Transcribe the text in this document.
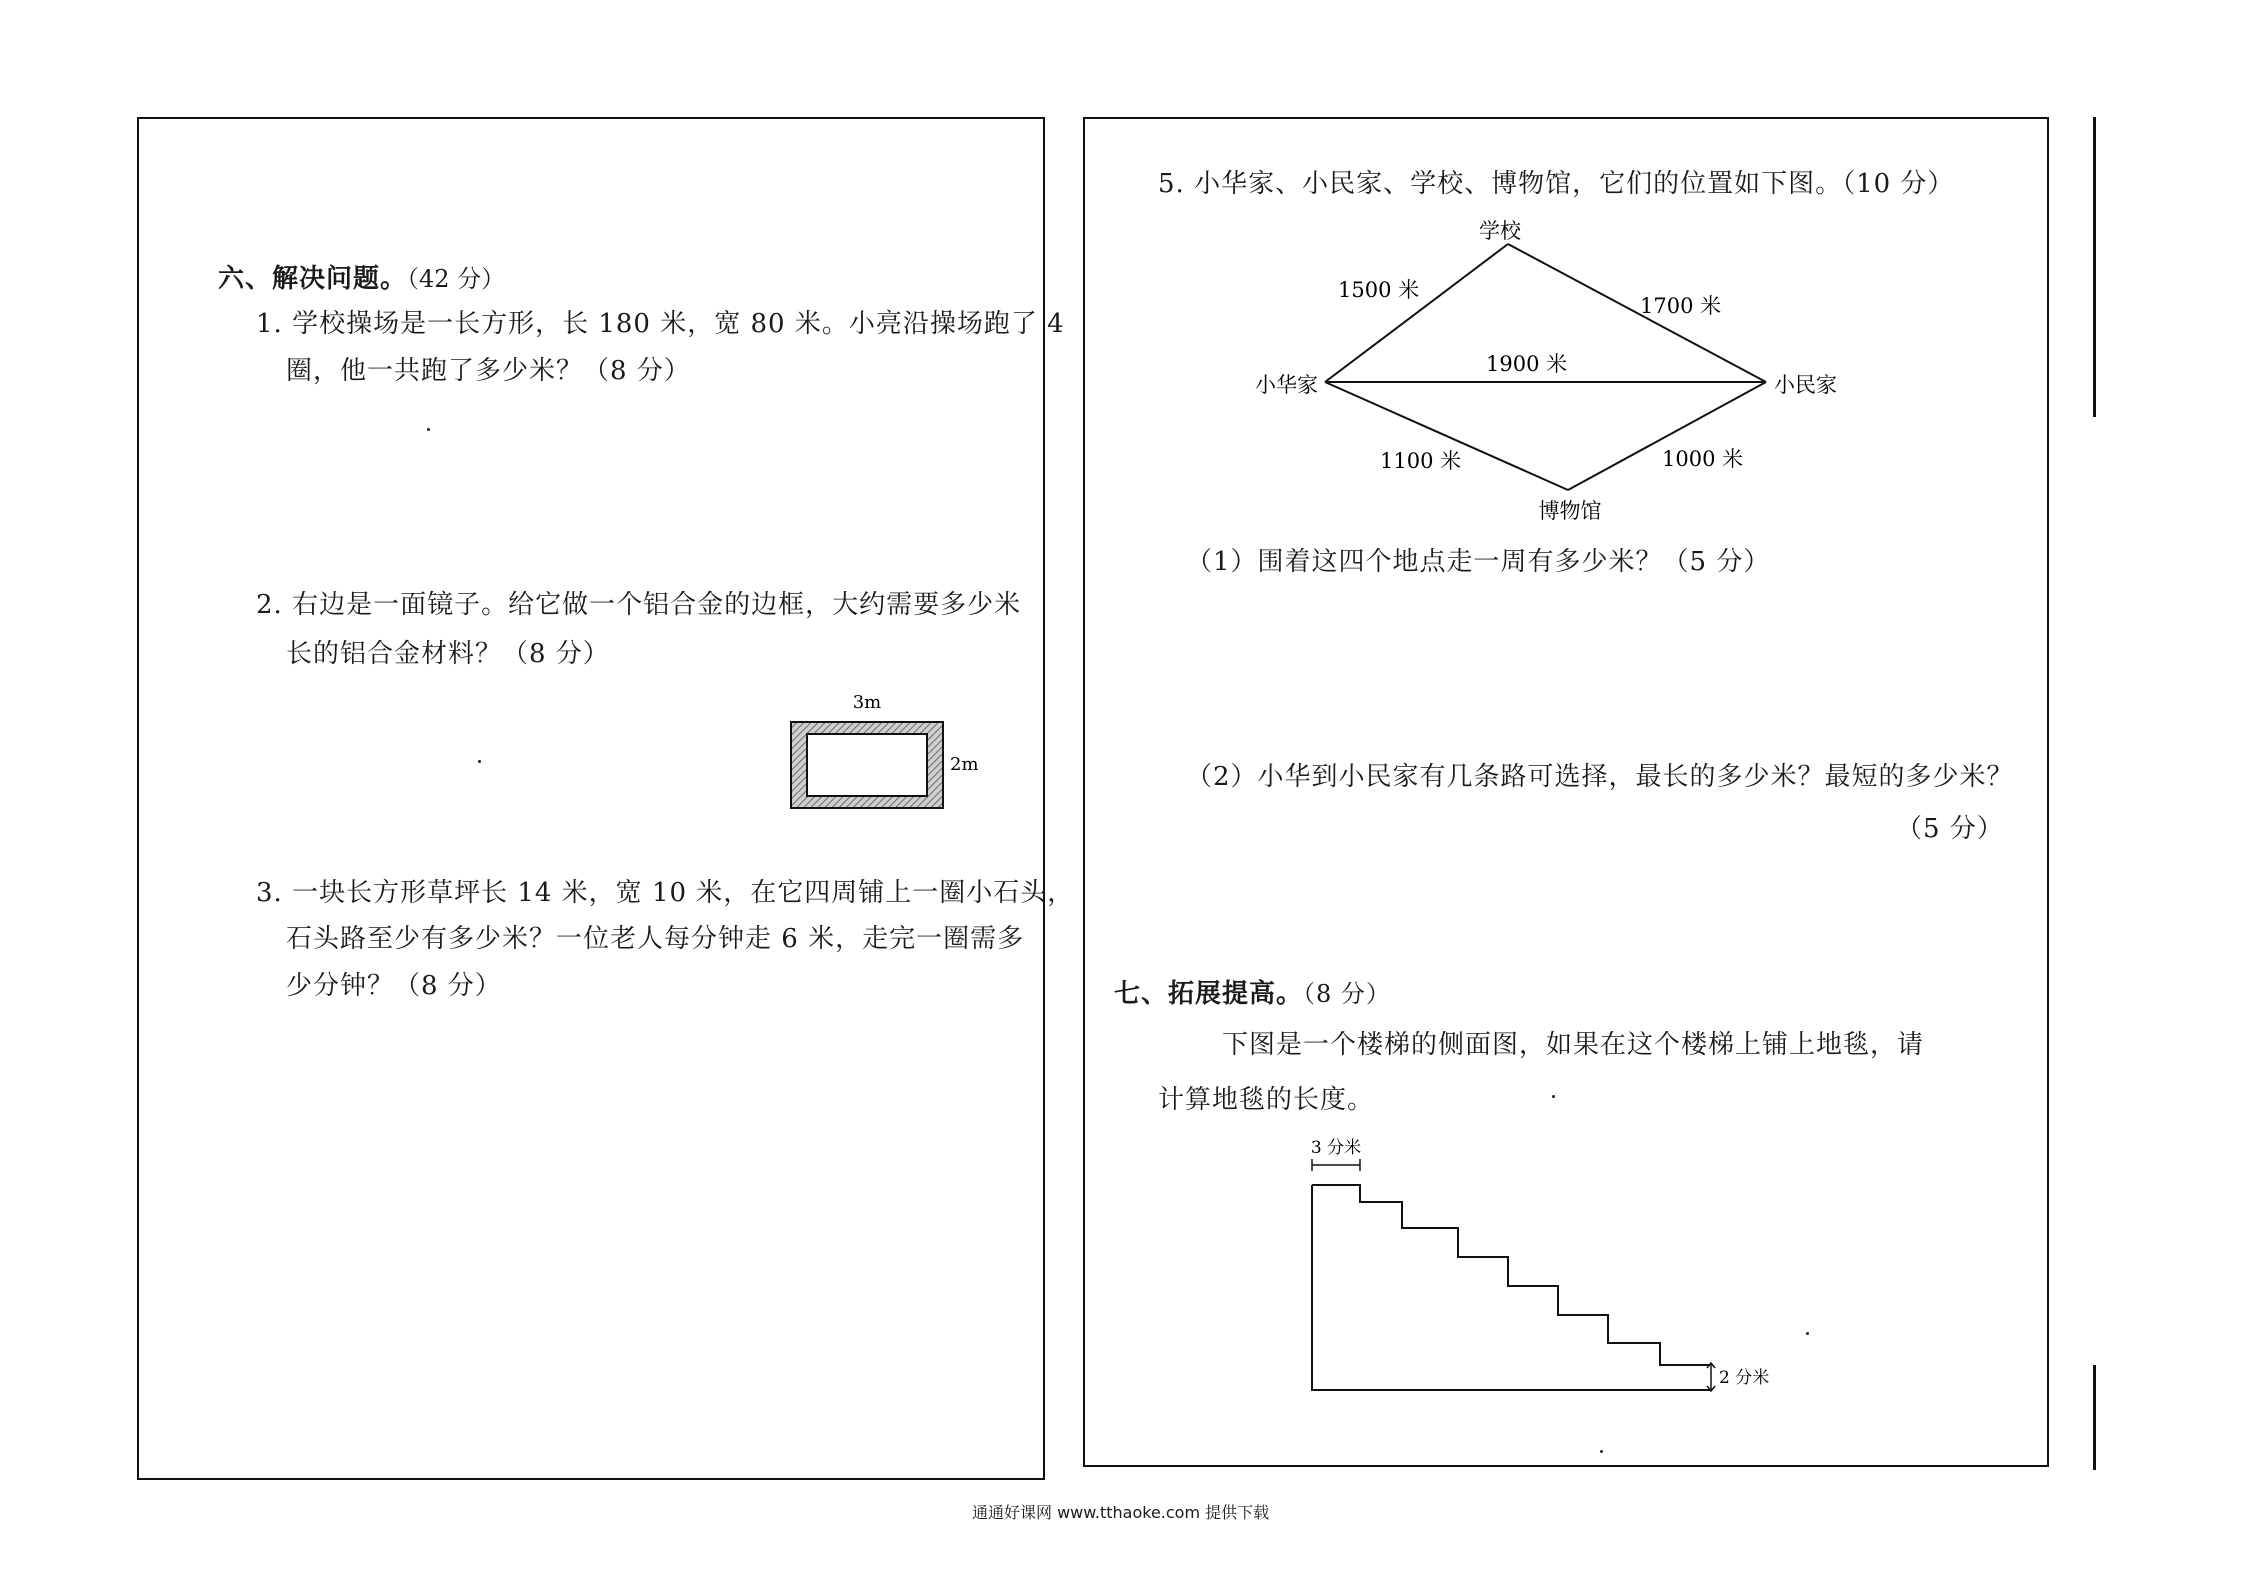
六、解决问题。（42 分）
1. 学校操场是一长方形，长 180 米，宽 80 米。小亮沿操场跑了 4
圈，他一共跑了多少米？（8 分）
2. 右边是一面镜子。给它做一个铝合金的边框，大约需要多少米
长的铝合金材料？（8 分）
3m
2m
3. 一块长方形草坪长 14 米，宽 10 米，在它四周铺上一圈小石头，
石头路至少有多少米？一位老人每分钟走 6 米，走完一圈需多
少分钟？（8 分）
5. 小华家、小民家、学校、博物馆，它们的位置如下图。（10 分）
学校
小华家	小民家
博物馆
1500 米
1700 米
1900 米
1100 米	1000 米
（1）围着这四个地点走一周有多少米？（5 分）
（2）小华到小民家有几条路可选择，最长的多少米？最短的多少米？
（5 分）
七、拓展提高。（8 分）
下图是一个楼梯的侧面图，如果在这个楼梯上铺上地毯，请
计算地毯的长度。
3 分米
2 分米
通通好课网 www.tthaoke.com 提供下载
